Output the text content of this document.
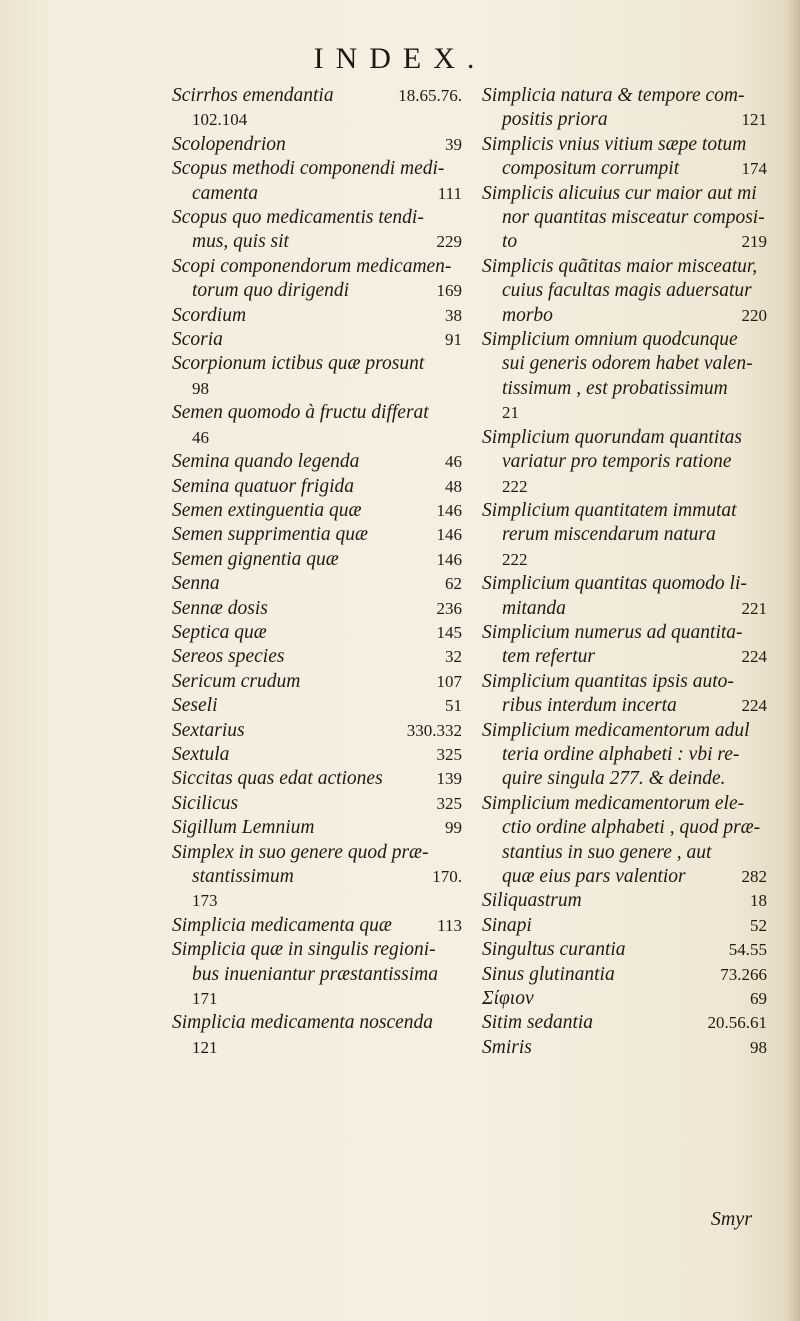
INDEX.
Scirrhos emendantia	18.65.76.
102.104
Scolopendrion	39
Scopus methodi componendi medi-
camenta	111
Scopus quo medicamentis tendi-
mus, quis sit	229
Scopi componendorum medicamen-
torum quo dirigendi	169
Scordium	38
Scoria	91
Scorpionum ictibus quæ prosunt
98
Semen quomodo à fructu differat
46
Semina quando legenda	46
Semina quatuor frigida	48
Semen extinguentia quæ	146
Semen supprimentia quæ	146
Semen gignentia quæ	146
Senna	62
Sennæ dosis	236
Septica quæ	145
Sereos species	32
Sericum crudum	107
Seseli	51
Sextarius	330.332
Sextula	325
Siccitas quas edat actiones	139
Sicilicus	325
Sigillum Lemnium	99
Simplex in suo genere quod præ-
stantissimum	170.
173
Simplicia medicamenta quæ	113
Simplicia quæ in singulis regioni-
bus inueniantur præstantissima
171
Simplicia medicamenta noscenda
121
Simplicia natura & tempore com-
positis priora	121
Simplicis vnius vitium sæpe totum
compositum corrumpit	174
Simplicis alicuius cur maior aut mi
nor quantitas misceatur composi-
to	219
Simplicis quãtitas maior misceatur,
cuius facultas magis aduersatur
morbo	220
Simplicium omnium quodcunque
sui generis odorem habet valen-
tissimum , est probatissimum
21
Simplicium quorundam quantitas
variatur pro temporis ratione
222
Simplicium quantitatem immutat
rerum miscendarum natura
222
Simplicium quantitas quomodo li-
mitanda	221
Simplicium numerus ad quantita-
tem refertur	224
Simplicium quantitas ipsis auto-
ribus interdum incerta	224
Simplicium medicamentorum adul
teria ordine alphabeti : vbi re-
quire singula 277. & deinde.
Simplicium medicamentorum ele-
ctio ordine alphabeti , quod præ-
stantius in suo genere , aut
quæ eius pars valentior	282
Siliquastrum	18
Sinapi	52
Singultus curantia	54.55
Sinus glutinantia	73.266
Σίφιον	69
Sitim sedantia	20.56.61
Smiris	98
Smyr
